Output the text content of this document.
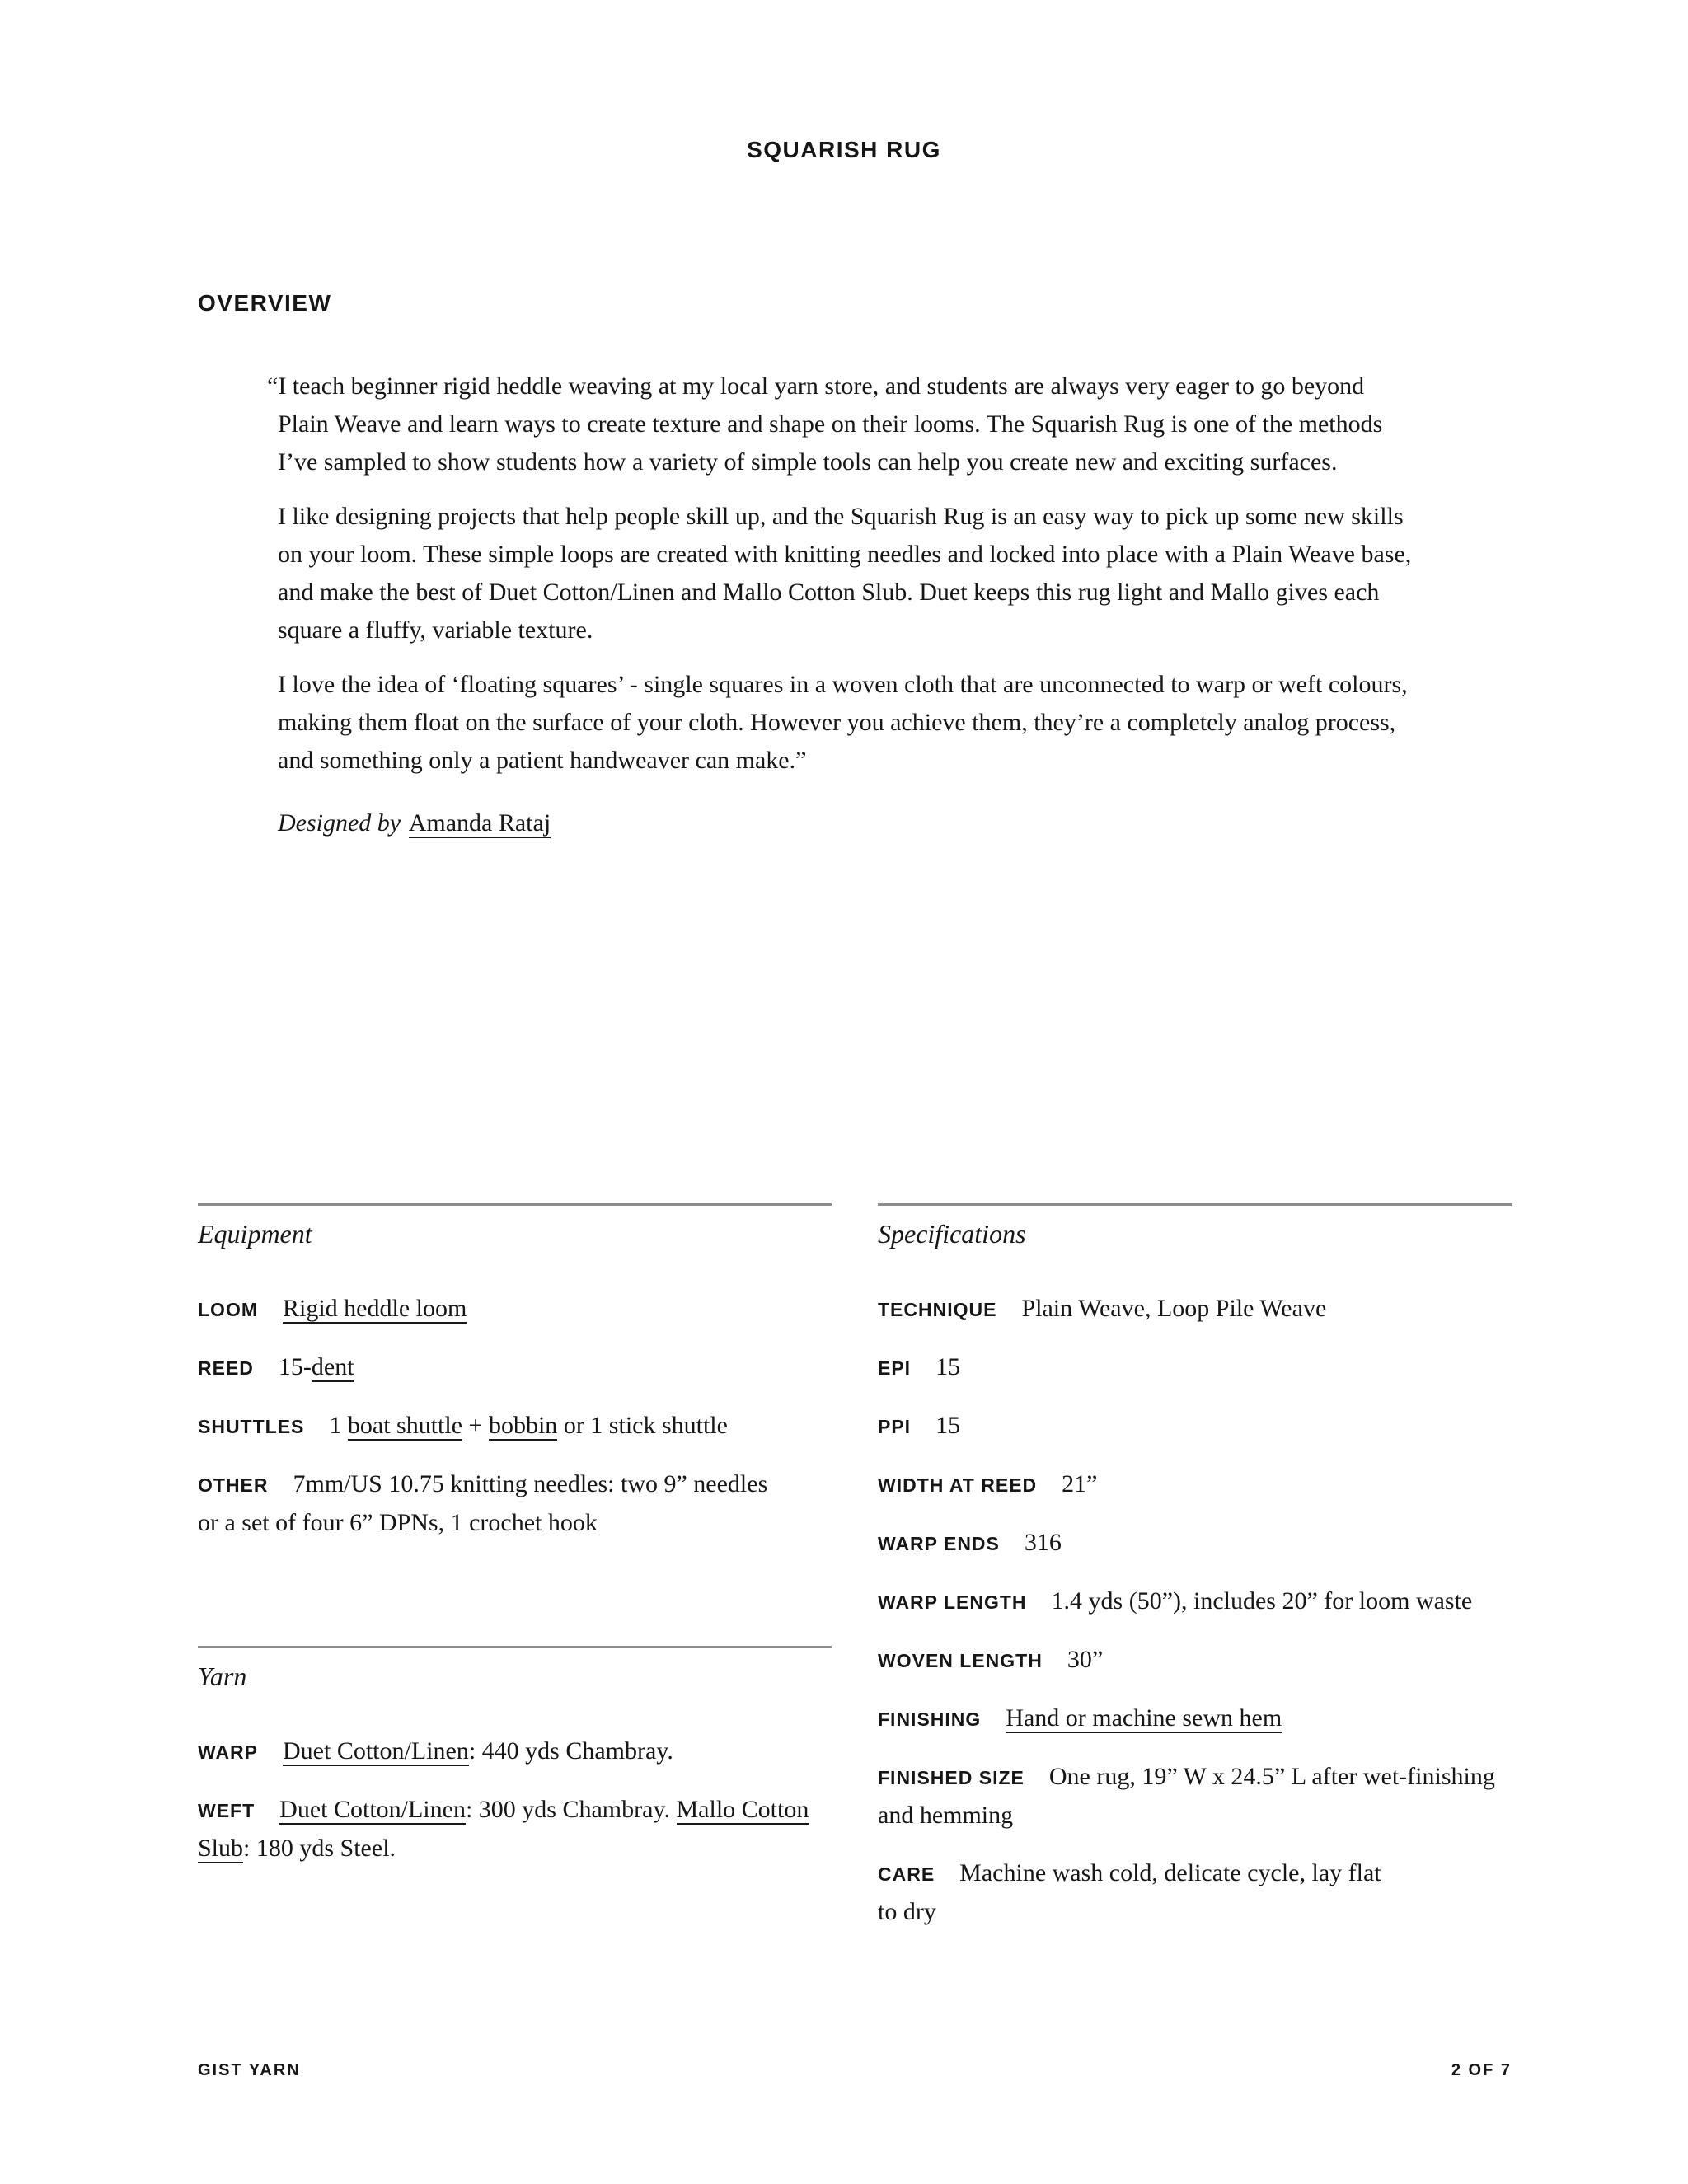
SQUARISH RUG
OVERVIEW

“I teach beginner rigid heddle weaving at my local yarn store, and students are always very eager to go beyond Plain Weave and learn ways to create texture and shape on their looms. The Squarish Rug is one of the methods I’ve sampled to show students how a variety of simple tools can help you create new and exciting surfaces.

I like designing projects that help people skill up, and the Squarish Rug is an easy way to pick up some new skills on your loom. These simple loops are created with knitting needles and locked into place with a Plain Weave base, and make the best of Duet Cotton/Linen and Mallo Cotton Slub. Duet keeps this rug light and Mallo gives each square a fluffy, variable texture.

I love the idea of ‘floating squares’ - single squares in a woven cloth that are unconnected to warp or weft colours, making them float on the surface of your cloth. However you achieve them, they’re a completely analog process, and something only a patient handweaver can make.”

Designed by Amanda Rataj

Equipment

LOOM Rigid heddle loom

REED 15-dent

SHUTTLES 1 boat shuttle + bobbin or 1 stick shuttle

OTHER 7mm/US 10.75 knitting needles: two 9” needles or a set of four 6” DPNs, 1 crochet hook

Yarn

WARP Duet Cotton/Linen: 440 yds Chambray.

WEFT Duet Cotton/Linen: 300 yds Chambray. Mallo Cotton Slub: 180 yds Steel.

Specifications

TECHNIQUE Plain Weave, Loop Pile Weave

EPI 15

PPI 15

WIDTH AT REED 21”

WARP ENDS 316

WARP LENGTH 1.4 yds (50”), includes 20” for loom waste

WOVEN LENGTH 30”

FINISHING Hand or machine sewn hem

FINISHED SIZE One rug, 19” W x 24.5” L after wet-finishing and hemming

CARE Machine wash cold, delicate cycle, lay flat to dry

GIST YARN	2 OF 7
